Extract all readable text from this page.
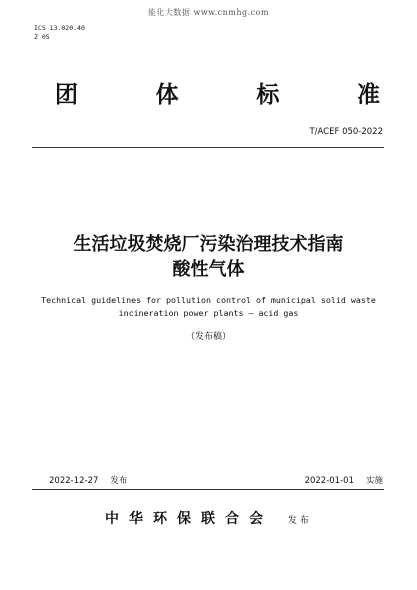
能化大数据 www.cnmhg.com
ICS 13.020.40
Z 05
团	体	标	准
T/ACEF 050-2022
生活垃圾焚烧厂污染治理技术指南
酸性气体
Technical guidelines for pollution control of municipal solid waste
incineration power plants — acid gas
（发布稿）
2022-12-27 发布	2022-01-01 实施
中华环保联合会 发布
